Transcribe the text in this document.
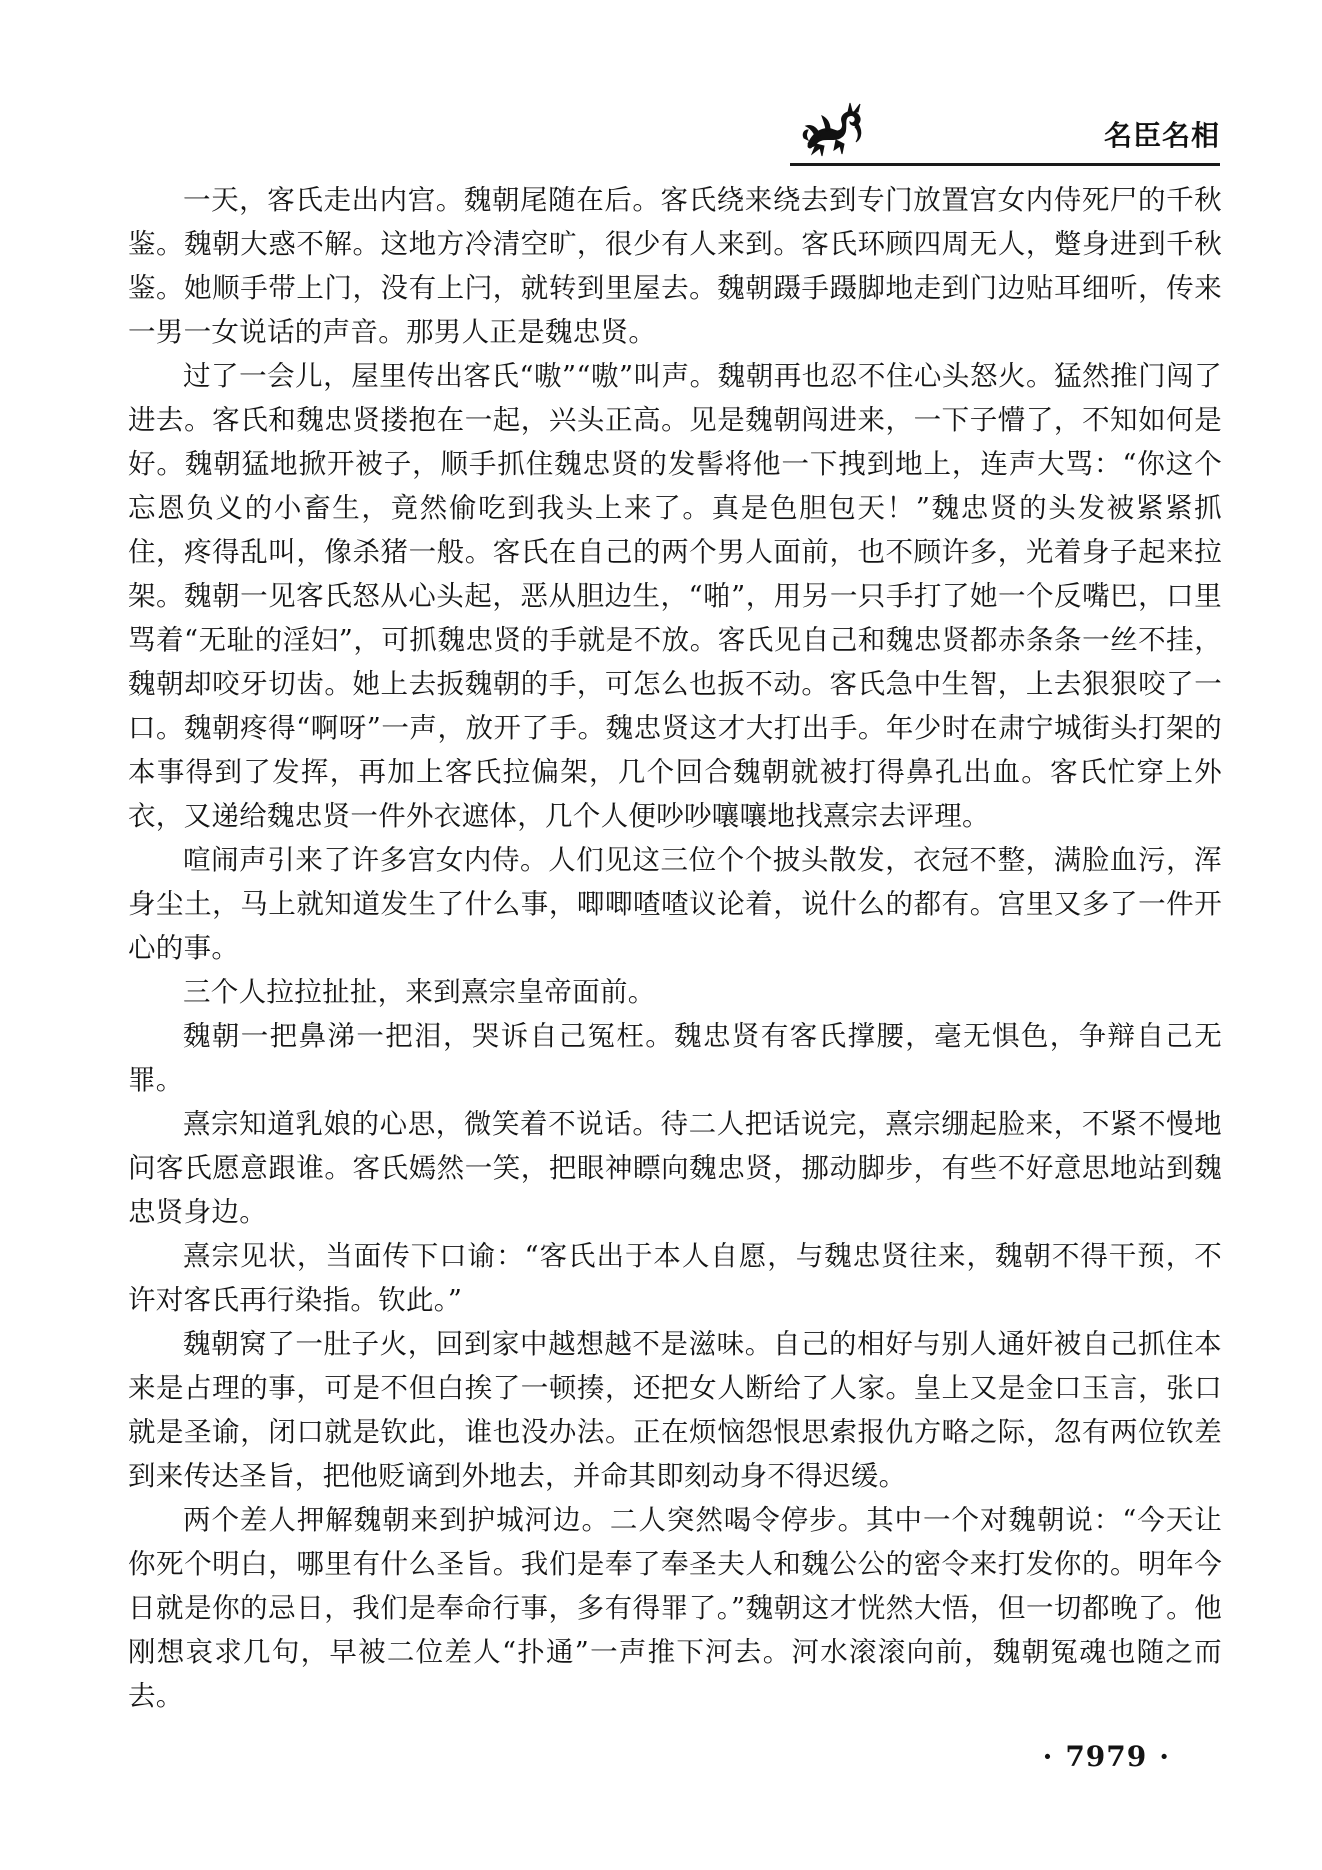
名臣名相

一天，客氏走出内宫。魏朝尾随在后。客氏绕来绕去到专门放置宫女内侍死尸的千秋鉴。魏朝大惑不解。这地方冷清空旷，很少有人来到。客氏环顾四周无人，蹩身进到千秋鉴。她顺手带上门，没有上闩，就转到里屋去。魏朝蹑手蹑脚地走到门边贴耳细听，传来一男一女说话的声音。那男人正是魏忠贤。

过了一会儿，屋里传出客氏“嗷”“嗷”叫声。魏朝再也忍不住心头怒火。猛然推门闯了进去。客氏和魏忠贤搂抱在一起，兴头正高。见是魏朝闯进来，一下子懵了，不知如何是好。魏朝猛地掀开被子，顺手抓住魏忠贤的发髻将他一下拽到地上，连声大骂：“你这个忘恩负义的小畜生，竟然偷吃到我头上来了。真是色胆包天！”魏忠贤的头发被紧紧抓住，疼得乱叫，像杀猪一般。客氏在自己的两个男人面前，也不顾许多，光着身子起来拉架。魏朝一见客氏怒从心头起，恶从胆边生，“啪”，用另一只手打了她一个反嘴巴，口里骂着“无耻的淫妇”，可抓魏忠贤的手就是不放。客氏见自己和魏忠贤都赤条条一丝不挂，魏朝却咬牙切齿。她上去扳魏朝的手，可怎么也扳不动。客氏急中生智，上去狠狠咬了一口。魏朝疼得“啊呀”一声，放开了手。魏忠贤这才大打出手。年少时在肃宁城街头打架的本事得到了发挥，再加上客氏拉偏架，几个回合魏朝就被打得鼻孔出血。客氏忙穿上外衣，又递给魏忠贤一件外衣遮体，几个人便吵吵嚷嚷地找熹宗去评理。

喧闹声引来了许多宫女内侍。人们见这三位个个披头散发，衣冠不整，满脸血污，浑身尘土，马上就知道发生了什么事，唧唧喳喳议论着，说什么的都有。宫里又多了一件开心的事。

三个人拉拉扯扯，来到熹宗皇帝面前。

魏朝一把鼻涕一把泪，哭诉自己冤枉。魏忠贤有客氏撑腰，毫无惧色，争辩自己无罪。

熹宗知道乳娘的心思，微笑着不说话。待二人把话说完，熹宗绷起脸来，不紧不慢地问客氏愿意跟谁。客氏嫣然一笑，把眼神瞟向魏忠贤，挪动脚步，有些不好意思地站到魏忠贤身边。

熹宗见状，当面传下口谕：“客氏出于本人自愿，与魏忠贤往来，魏朝不得干预，不许对客氏再行染指。钦此。”

魏朝窝了一肚子火，回到家中越想越不是滋味。自己的相好与别人通奸被自己抓住本来是占理的事，可是不但白挨了一顿揍，还把女人断给了人家。皇上又是金口玉言，张口就是圣谕，闭口就是钦此，谁也没办法。正在烦恼怨恨思索报仇方略之际，忽有两位钦差到来传达圣旨，把他贬谪到外地去，并命其即刻动身不得迟缓。

两个差人押解魏朝来到护城河边。二人突然喝令停步。其中一个对魏朝说：“今天让你死个明白，哪里有什么圣旨。我们是奉了奉圣夫人和魏公公的密令来打发你的。明年今日就是你的忌日，我们是奉命行事，多有得罪了。”魏朝这才恍然大悟，但一切都晚了。他刚想哀求几句，早被二位差人“扑通”一声推下河去。河水滚滚向前，魏朝冤魂也随之而去。

· 7979 ·
